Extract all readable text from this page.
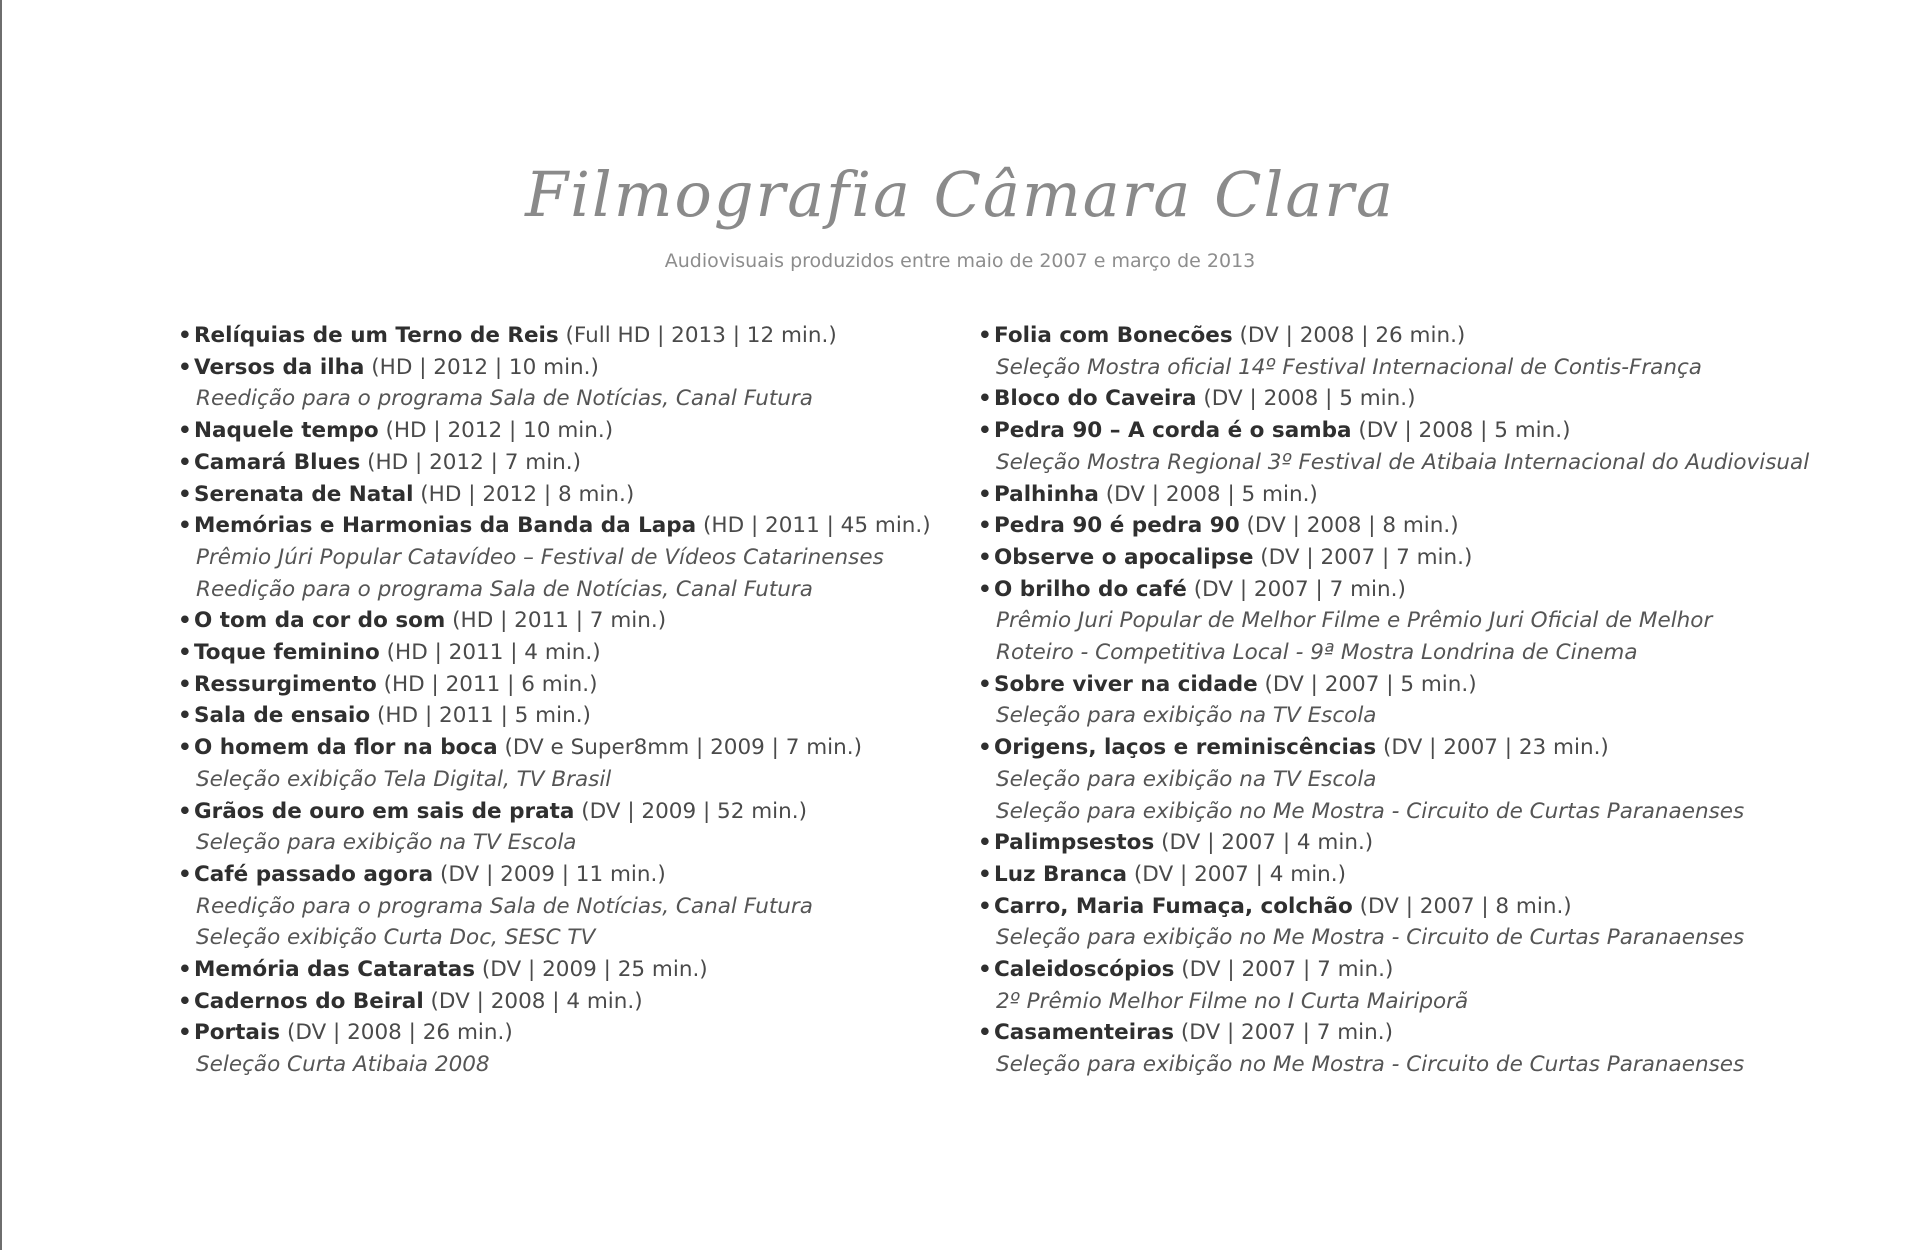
Filmografia Câmara Clara
Audiovisuais produzidos entre maio de 2007 e março de 2013
• Relíquias de um Terno de Reis (Full HD | 2013 | 12 min.)
• Versos da ilha (HD | 2012 | 10 min.)
Reedição para o programa Sala de Notícias, Canal Futura
• Naquele tempo (HD | 2012 | 10 min.)
• Camará Blues (HD | 2012 | 7 min.)
• Serenata de Natal (HD | 2012 | 8 min.)
• Memórias e Harmonias da Banda da Lapa (HD | 2011 | 45 min.)
Prêmio Júri Popular Catavídeo – Festival de Vídeos Catarinenses
Reedição para o programa Sala de Notícias, Canal Futura
• O tom da cor do som (HD | 2011 | 7 min.)
• Toque feminino (HD | 2011 | 4 min.)
• Ressurgimento (HD | 2011 | 6 min.)
• Sala de ensaio (HD | 2011 | 5 min.)
• O homem da flor na boca (DV e Super8mm | 2009 | 7 min.)
Seleção exibição Tela Digital, TV Brasil
• Grãos de ouro em sais de prata (DV | 2009 | 52 min.)
Seleção para exibição na TV Escola
• Café passado agora (DV | 2009 | 11 min.)
Reedição para o programa Sala de Notícias, Canal Futura
Seleção exibição Curta Doc, SESC TV
• Memória das Cataratas (DV | 2009 | 25 min.)
• Cadernos do Beiral (DV | 2008 | 4 min.)
• Portais (DV | 2008 | 26 min.)
Seleção Curta Atibaia 2008
• Folia com Bonecões (DV | 2008 | 26 min.)
Seleção Mostra oficial 14º Festival Internacional de Contis-França
• Bloco do Caveira (DV | 2008 | 5 min.)
• Pedra 90 – A corda é o samba (DV | 2008 | 5 min.)
Seleção Mostra Regional 3º Festival de Atibaia Internacional do Audiovisual
• Palhinha (DV | 2008 | 5 min.)
• Pedra 90 é pedra 90 (DV | 2008 | 8 min.)
• Observe o apocalipse (DV | 2007 | 7 min.)
• O brilho do café (DV | 2007 | 7 min.)
Prêmio Juri Popular de Melhor Filme e Prêmio Juri Oficial de Melhor Roteiro - Competitiva Local - 9ª Mostra Londrina de Cinema
• Sobre viver na cidade (DV | 2007 | 5 min.)
Seleção para exibição na TV Escola
• Origens, laços e reminiscências (DV | 2007 | 23 min.)
Seleção para exibição na TV Escola
Seleção para exibição no Me Mostra - Circuito de Curtas Paranaenses
• Palimpsestos (DV | 2007 | 4 min.)
• Luz Branca (DV | 2007 | 4 min.)
• Carro, Maria Fumaça, colchão (DV | 2007 | 8 min.)
Seleção para exibição no Me Mostra - Circuito de Curtas Paranaenses
• Caleidoscópios (DV | 2007 | 7 min.)
2º Prêmio Melhor Filme no I Curta Mairiporã
• Casamenteiras (DV | 2007 | 7 min.)
Seleção para exibição no Me Mostra - Circuito de Curtas Paranaenses
